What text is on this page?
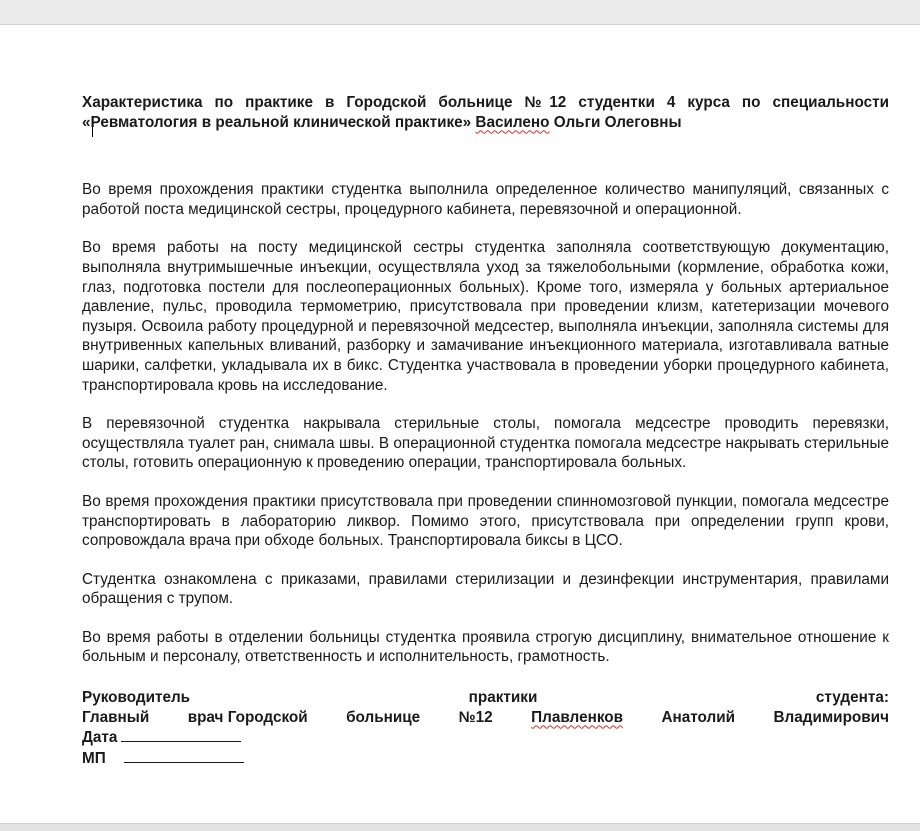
Характеристика по практике в Городской больнице №12 студентки 4 курса по специальности «Ревматология в реальной клинической практике» Василено Ольги Олеговны

Во время прохождения практики студентка выполнила определенное количество манипуляций, связанных с работой поста медицинской сестры, процедурного кабинета, перевязочной и операционной.

Во время работы на посту медицинской сестры студентка заполняла соответствующую документацию, выполняла внутримышечные инъекции, осуществляла уход за тяжелобольными (кормление, обработка кожи, глаз, подготовка постели для послеоперационных больных). Кроме того, измеряла у больных артериальное давление, пульс, проводила термометрию, присутствовала при проведении клизм, катетеризации мочевого пузыря. Освоила работу процедурной и перевязочной медсестер, выполняла инъекции, заполняла системы для внутривенных капельных вливаний, разборку и замачивание инъекционного материала, изготавливала ватные шарики, салфетки, укладывала их в бикс. Студентка участвовала в проведении уборки процедурного кабинета, транспортировала кровь на исследование.

В перевязочной студентка накрывала стерильные столы, помогала медсестре проводить перевязки, осуществляла туалет ран, снимала швы. В операционной студентка помогала медсестре накрывать стерильные столы, готовить операционную к проведению операции, транспортировала больных.

Во время прохождения практики присутствовала при проведении спинномозговой пункции, помогала медсестре транспортировать в лабораторию ликвор. Помимо этого, присутствовала при определении групп крови, сопровождала врача при обходе больных. Транспортировала биксы в ЦСО.

Студентка ознакомлена с приказами, правилами стерилизации и дезинфекции инструментария, правилами обращения с трупом.

Во время работы в отделении больницы студентка проявила строгую дисциплину, внимательное отношение к больным и персоналу, ответственность и исполнительность, грамотность.

Руководитель	практики	студента:
Главный	врач Городской	больнице	№12	Плавленков	Анатолий	Владимирович

Дата

МП
